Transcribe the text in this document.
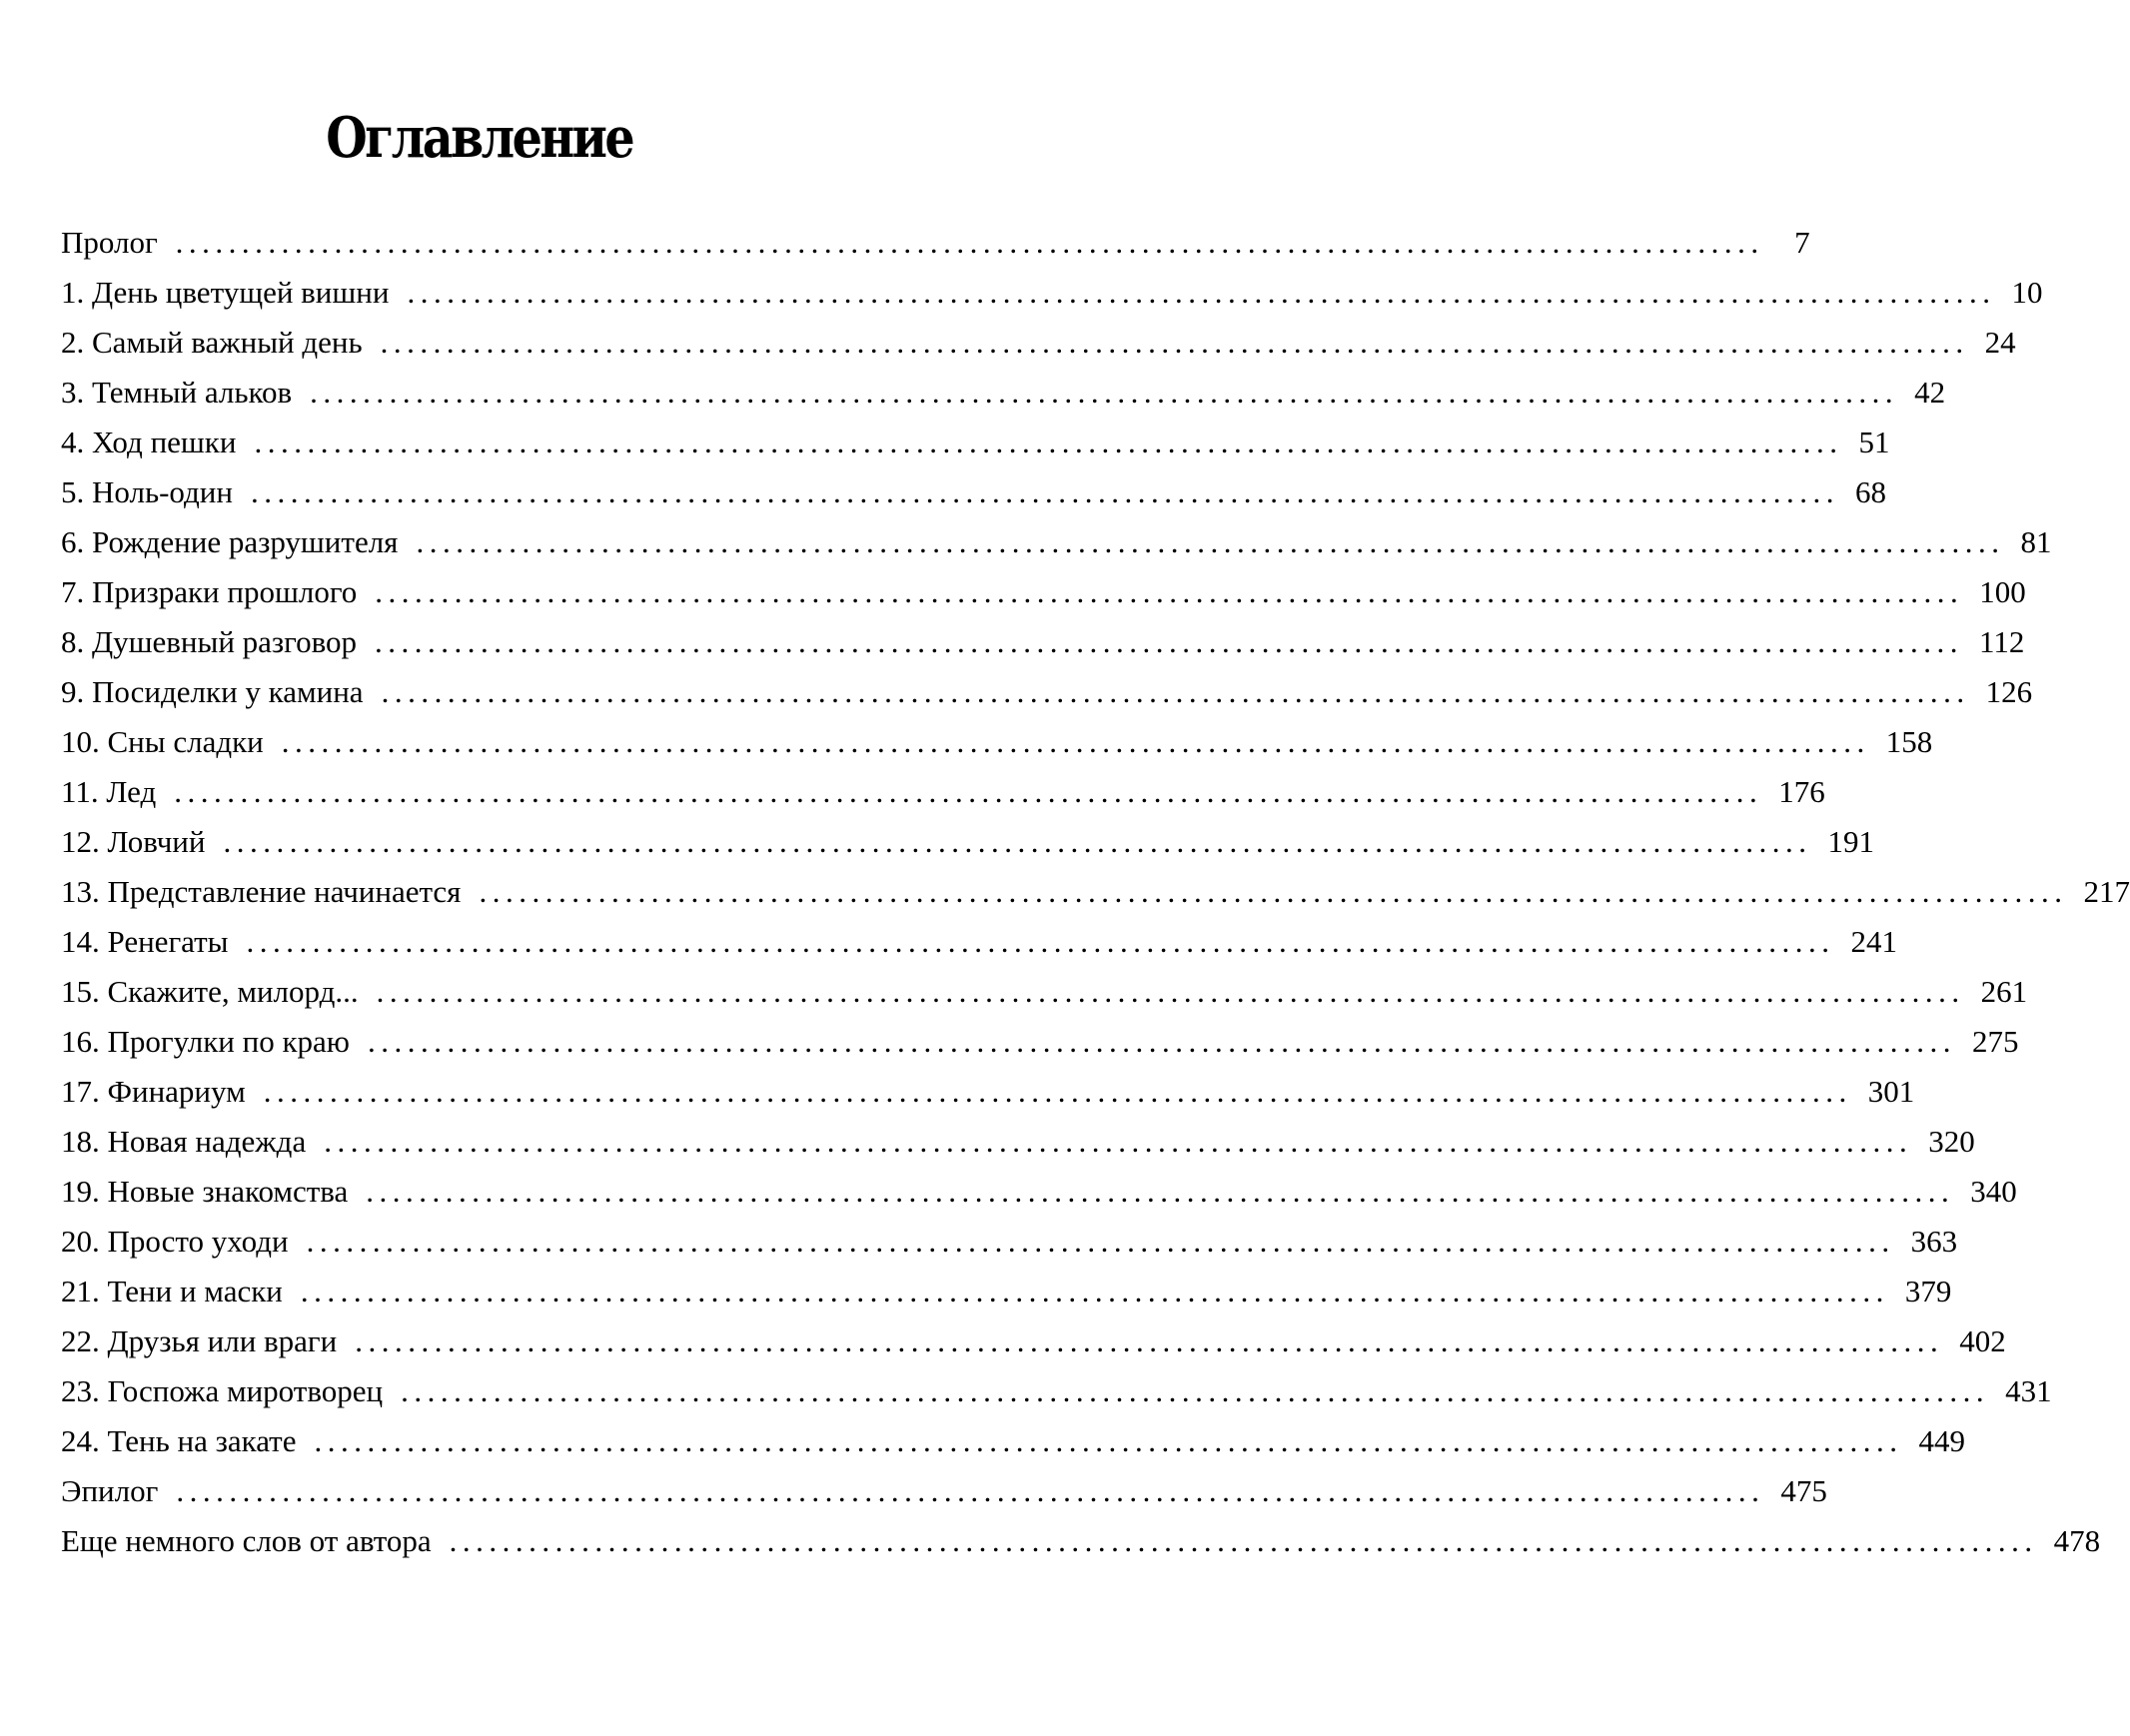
Оглавление
Пролог ........................................................................................................................ 7
1. День цветущей вишни ........................................................................................................................ 10
2. Самый важный день ........................................................................................................................ 24
3. Темный альков ........................................................................................................................ 42
4. Ход пешки ........................................................................................................................ 51
5. Ноль-один ........................................................................................................................ 68
6. Рождение разрушителя ........................................................................................................................ 81
7. Призраки прошлого ........................................................................................................................ 100
8. Душевный разговор ........................................................................................................................ 112
9. Посиделки у камина ........................................................................................................................ 126
10. Сны сладки ........................................................................................................................ 158
11. Лед ........................................................................................................................ 176
12. Ловчий ........................................................................................................................ 191
13. Представление начинается ........................................................................................................................ 217
14. Ренегаты ........................................................................................................................ 241
15. Скажите, милорд... ........................................................................................................................ 261
16. Прогулки по краю ........................................................................................................................ 275
17. Финариум ........................................................................................................................ 301
18. Новая надежда ........................................................................................................................ 320
19. Новые знакомства ........................................................................................................................ 340
20. Просто уходи ........................................................................................................................ 363
21. Тени и маски ........................................................................................................................ 379
22. Друзья или враги ........................................................................................................................ 402
23. Госпожа миротворец ........................................................................................................................ 431
24. Тень на закате ........................................................................................................................ 449
Эпилог ........................................................................................................................ 475
Еще немного слов от автора ........................................................................................................................ 478
